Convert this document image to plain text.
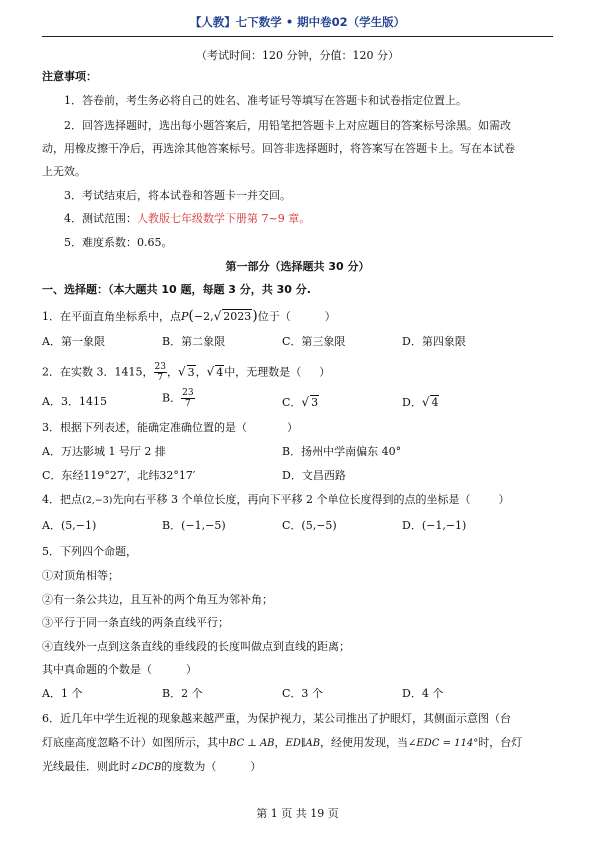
【人教】七下数学 • 期中卷02（学生版）
（考试时间：120 分钟，分值：120 分）
注意事项：
1．答卷前，考生务必将自己的姓名、准考证号等填写在答题卡和试卷指定位置上。
2．回答选择题时，选出每小题答案后，用铅笔把答题卡上对应题目的答案标号涂黑。如需改
动，用橡皮擦干净后，再选涂其他答案标号。回答非选择题时，将答案写在答题卡上。写在本试卷
上无效。
3．考试结束后，将本试卷和答题卡一并交回。
4．测试范围：人教版七年级数学下册第 7~9 章。
5．难度系数：0.65。
第一部分（选择题共 30 分）
一、选择题：（本大题共 10 题，每题 3 分，共 30 分.
1．在平面直角坐标系中，点P(−2,√ 2023)位于（	）
A．第一象限	B．第二象限	C．第三象限	D．第四象限
2．在实数 3．1415， $\frac{23}{7}$ ，√ 3，√ 4中，无理数是（ ）
A．3．1415	B． $\frac{23}{7}$	C．√ 3	D．√ 4
3．根据下列表述，能确定准确位置的是（	）
A．万达影城 1 号厅 2 排	B．扬州中学南偏东 40°
C．东经119°27′，北纬32°17′	D．文昌西路
4．把点(2,−3)先向右平移 3 个单位长度，再向下平移 2 个单位长度得到的点的坐标是（	）
A．(5,−1)	B．(−1,−5)	C．(5,−5)	D．(−1,−1)
5．下列四个命题，
①对顶角相等；
②有一条公共边，且互补的两个角互为邻补角；
③平行于同一条直线的两条直线平行；
④直线外一点到这条直线的垂线段的长度叫做点到直线的距离；
其中真命题的个数是（	）
A．1 个	B．2 个	C．3 个	D．4 个
6．近几年中学生近视的现象越来越严重，为保护视力，某公司推出了护眼灯，其侧面示意图（台
灯底座高度忽略不计）如图所示，其中BC ⊥ AB，ED∥AB，经使用发现，当∠EDC = 114°时，台灯
光线最佳．则此时∠DCB的度数为（	）
第 1 页 共 19 页
